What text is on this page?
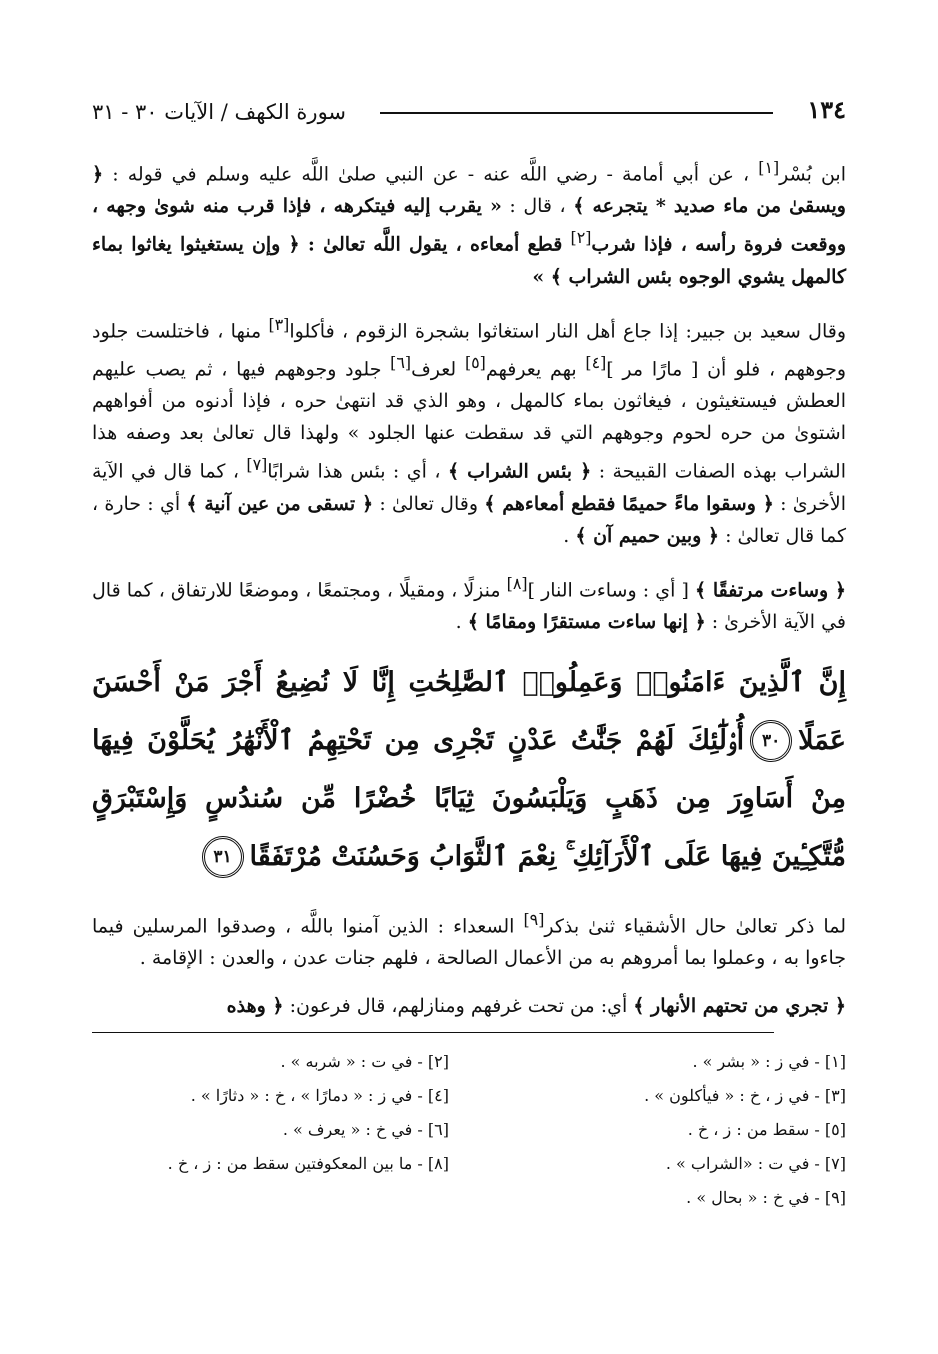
١٣٤
سورة الكهف / الآيات ٣٠ - ٣١

ابن بُسْر[١] ، عن أبي أمامة - رضي اللَّه عنه - عن النبي صلىٰ اللَّه عليه وسلم في قوله : ﴿ ويسقىٰ من ماء صديد * يتجرعه ﴾ ، قال : « يقرب إليه فيتكرهه ، فإذا قرب منه شوىٰ وجهه ، ووقعت فروة رأسه ، فإذا شرب[٢] قطع أمعاءه ، يقول اللَّه تعالىٰ : ﴿ وإن يستغيثوا يغاثوا بماء كالمهل يشوي الوجوه بئس الشراب ﴾ »

وقال سعيد بن جبير: إذا جاع أهل النار استغاثوا بشجرة الزقوم ، فأكلوا[٣] منها ، فاختلست جلود وجوههم ، فلو أن [ مارًا مر ][٤] بهم يعرفهم[٥] لعرف[٦] جلود وجوههم فيها ، ثم يصب عليهم العطش فيستغيثون ، فيغاثون بماء كالمهل ، وهو الذي قد انتهىٰ حره ، فإذا أدنوه من أفواههم اشتوىٰ من حره لحوم وجوههم التي قد سقطت عنها الجلود » ولهذا قال تعالىٰ بعد وصفه هذا الشراب بهذه الصفات القبيحة : ﴿ بئس الشراب ﴾ ، أي : بئس هذا شرابًا[٧] ، كما قال في الآية الأخرىٰ : ﴿ وسقوا ماءً حميمًا فقطع أمعاءهم ﴾ وقال تعالىٰ : ﴿ تسقى من عين آنية ﴾ أي : حارة ، كما قال تعالىٰ : ﴿ وبين حميم آن ﴾ .

﴿ وساءت مرتفقًا ﴾ [ أي : وساءت النار ][٨] منزلًا ، ومقيلًا ، ومجتمعًا ، وموضعًا للارتفاق ، كما قال في الآية الأخرىٰ : ﴿ إنها ساءت مستقرًا ومقامًا ﴾ .

إِنَّ ٱلَّذِينَ ءَامَنُوا۟ وَعَمِلُوا۟ ٱلصَّٰلِحَٰتِ إِنَّا لَا نُضِيعُ أَجْرَ مَنْ أَحْسَنَ عَمَلًا٣٠أُو۟لَٰٓئِكَ لَهُمْ جَنَّٰتُ عَدْنٍ تَجْرِى مِن تَحْتِهِمُ ٱلْأَنْهَٰرُ يُحَلَّوْنَ فِيهَا مِنْ أَسَاوِرَ مِن ذَهَبٍ وَيَلْبَسُونَ ثِيَابًا خُضْرًا مِّن سُندُسٍ وَإِسْتَبْرَقٍ مُّتَّكِـِٔينَ فِيهَا عَلَى ٱلْأَرَآئِكِ ۚ نِعْمَ ٱلثَّوَابُ وَحَسُنَتْ مُرْتَفَقًا٣١

لما ذكر تعالىٰ حال الأشقياء ثنىٰ بذكر[٩] السعداء : الذين آمنوا باللَّه ، وصدقوا المرسلين فيما جاءوا به ، وعملوا بما أمروهم به من الأعمال الصالحة ، فلهم جنات عدن ، والعدن : الإقامة .

﴿ تجري من تحتهم الأنهار ﴾ أي: من تحت غرفهم ومنازلهم، قال فرعون: ﴿ وهذه

[١] - في ز : « بشر » .
[٢] - في ت : « شربه » .
[٣] - في ز ، خ : « فيأكلون » .
[٤] - في ز : « دمارًا » ، خ : « دثارًا » .
[٥] - سقط من : ز ، خ .
[٦] - في خ : « يعرف » .
[٧] - في ت : «الشراب » .
[٨] - ما بين المعكوفتين سقط من : ز ، خ .
[٩] - في خ : « بحال » .
